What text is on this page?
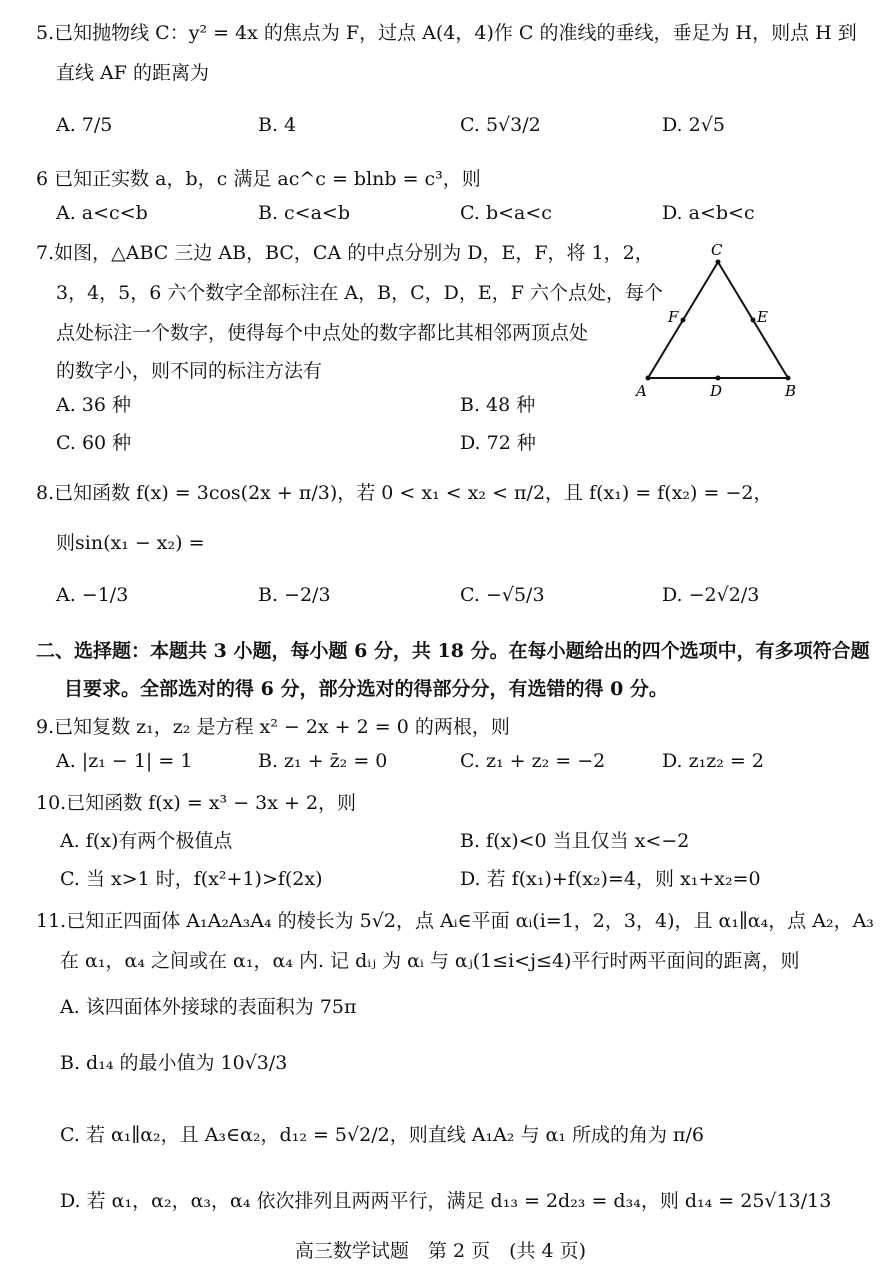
5.已知抛物线 C：y² = 4x 的焦点为 F，过点 A(4，4)作 C 的准线的垂线，垂足为 H，则点 H 到
直线 AF 的距离为
A. 7/5	B. 4	C. 5√3/2	D. 2√5
6 已知正实数 a，b，c 满足 ac^c = blnb = c³，则
A. a<c<b	B. c<a<b	C. b<a<c	D. a<b<c
7.如图，△ABC 三边 AB，BC，CA 的中点分别为 D，E，F，将 1，2，
3，4，5，6 六个数字全部标注在 A，B，C，D，E，F 六个点处，每个
点处标注一个数字，使得每个中点处的数字都比其相邻两顶点处
的数字小，则不同的标注方法有
A. 36 种	B. 48 种
C. 60 种	D. 72 种
A	B
C
D
E
F
8.已知函数 f(x) = 3cos(2x + π/3)，若 0 < x₁ < x₂ < π/2，且 f(x₁) = f(x₂) = −2，
则sin(x₁ − x₂) =
A. −1/3	B. −2/3	C. −√5/3	D. −2√2/3
二、选择题：本题共 3 小题，每小题 6 分，共 18 分。在每小题给出的四个选项中，有多项符合题
目要求。全部选对的得 6 分，部分选对的得部分分，有选错的得 0 分。
9.已知复数 z₁，z₂ 是方程 x² − 2x + 2 = 0 的两根，则
A. |z₁ − 1| = 1	B. z₁ + z̄₂ = 0	C. z₁ + z₂ = −2	D. z₁z₂ = 2
10.已知函数 f(x) = x³ − 3x + 2，则
A. f(x)有两个极值点	B. f(x)<0 当且仅当 x<−2
C. 当 x>1 时，f(x²+1)>f(2x)	D. 若 f(x₁)+f(x₂)=4，则 x₁+x₂=0
11.已知正四面体 A₁A₂A₃A₄ 的棱长为 5√2，点 Aᵢ∈平面 αᵢ(i=1，2，3，4)，且 α₁∥α₄，点 A₂，A₃
在 α₁，α₄ 之间或在 α₁，α₄ 内. 记 dᵢⱼ 为 αᵢ 与 αⱼ(1≤i<j≤4)平行时两平面间的距离，则
A. 该四面体外接球的表面积为 75π
B. d₁₄ 的最小值为 10√3/3
C. 若 α₁∥α₂，且 A₃∈α₂，d₁₂ = 5√2/2，则直线 A₁A₂ 与 α₁ 所成的角为 π/6
D. 若 α₁，α₂，α₃，α₄ 依次排列且两两平行，满足 d₁₃ = 2d₂₃ = d₃₄，则 d₁₄ = 25√13/13
高三数学试题　第 2 页　(共 4 页)
